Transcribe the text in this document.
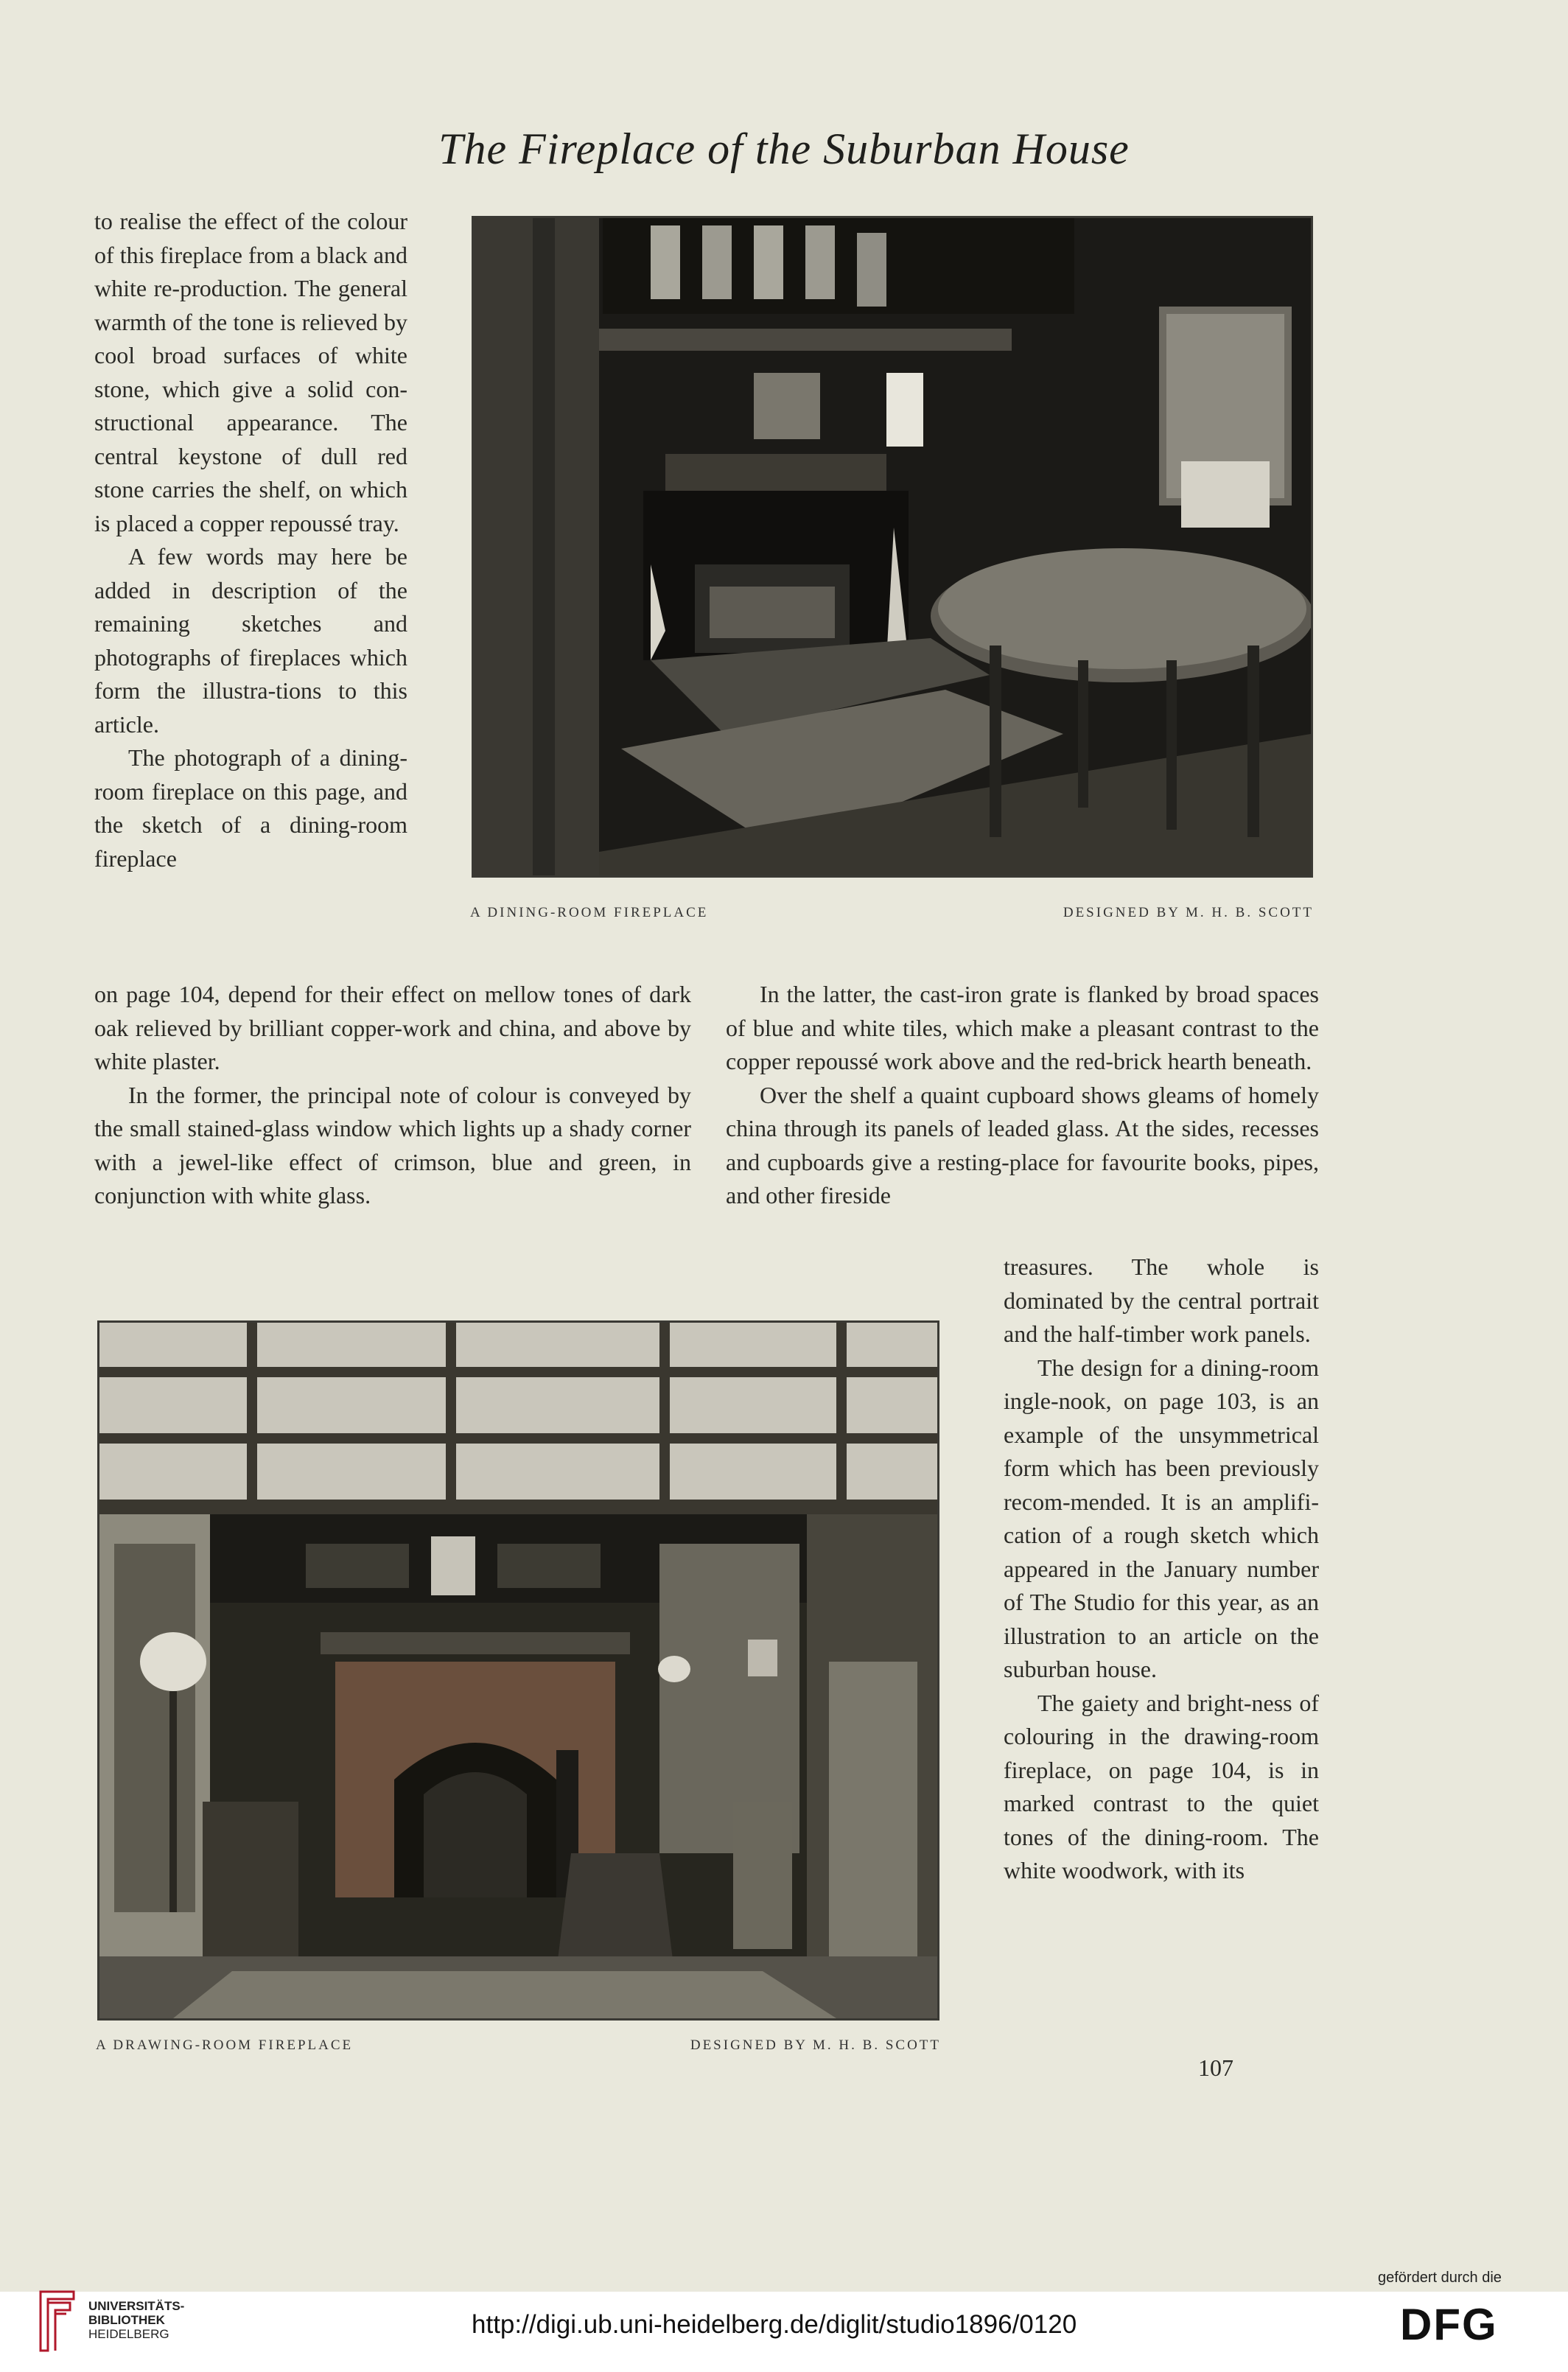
The Fireplace of the Suburban House
A DINING-ROOM FIREPLACE	DESIGNED BY M. H. B. SCOTT

to realise the effect of the colour of this fireplace from a black and white re-production. The general warmth of the tone is relieved by cool broad surfaces of white stone, which give a solid con-structional appearance. The central keystone of dull red stone carries the shelf, on which is placed a copper repoussé tray.

A few words may here be added in description of the remaining sketches and photographs of fireplaces which form the illustra-tions to this article.

The photograph of a dining-room fireplace on this page, and the sketch of a dining-room fireplace

on page 104, depend for their effect on mellow tones of dark oak relieved by brilliant copper-work and china, and above by white plaster.

In the former, the principal note of colour is conveyed by the small stained-glass window which lights up a shady corner with a jewel-like effect of crimson, blue and green, in conjunction with white glass.

In the latter, the cast-iron grate is flanked by broad spaces of blue and white tiles, which make a pleasant contrast to the copper repoussé work above and the red-brick hearth beneath.

Over the shelf a quaint cupboard shows gleams of homely china through its panels of leaded glass. At the sides, recesses and cupboards give a resting-place for favourite books, pipes, and other fireside

A DRAWING-ROOM FIREPLACE	DESIGNED BY M. H. B. SCOTT

treasures. The whole is dominated by the central portrait and the half-timber work panels.

The design for a dining-room ingle-nook, on page 103, is an example of the unsymmetrical form which has been previously recom-mended. It is an amplifi-cation of a rough sketch which appeared in the January number of The Studio for this year, as an illustration to an article on the suburban house.

The gaiety and bright-ness of colouring in the drawing-room fireplace, on page 104, is in marked contrast to the quiet tones of the dining-room. The white woodwork, with its

107
UNIVERSITÄTS-
BIBLIOTHEK
HEIDELBERG	http://digi.ub.uni-heidelberg.de/diglit/studio1896/0120
gefördert durch die
DFG
